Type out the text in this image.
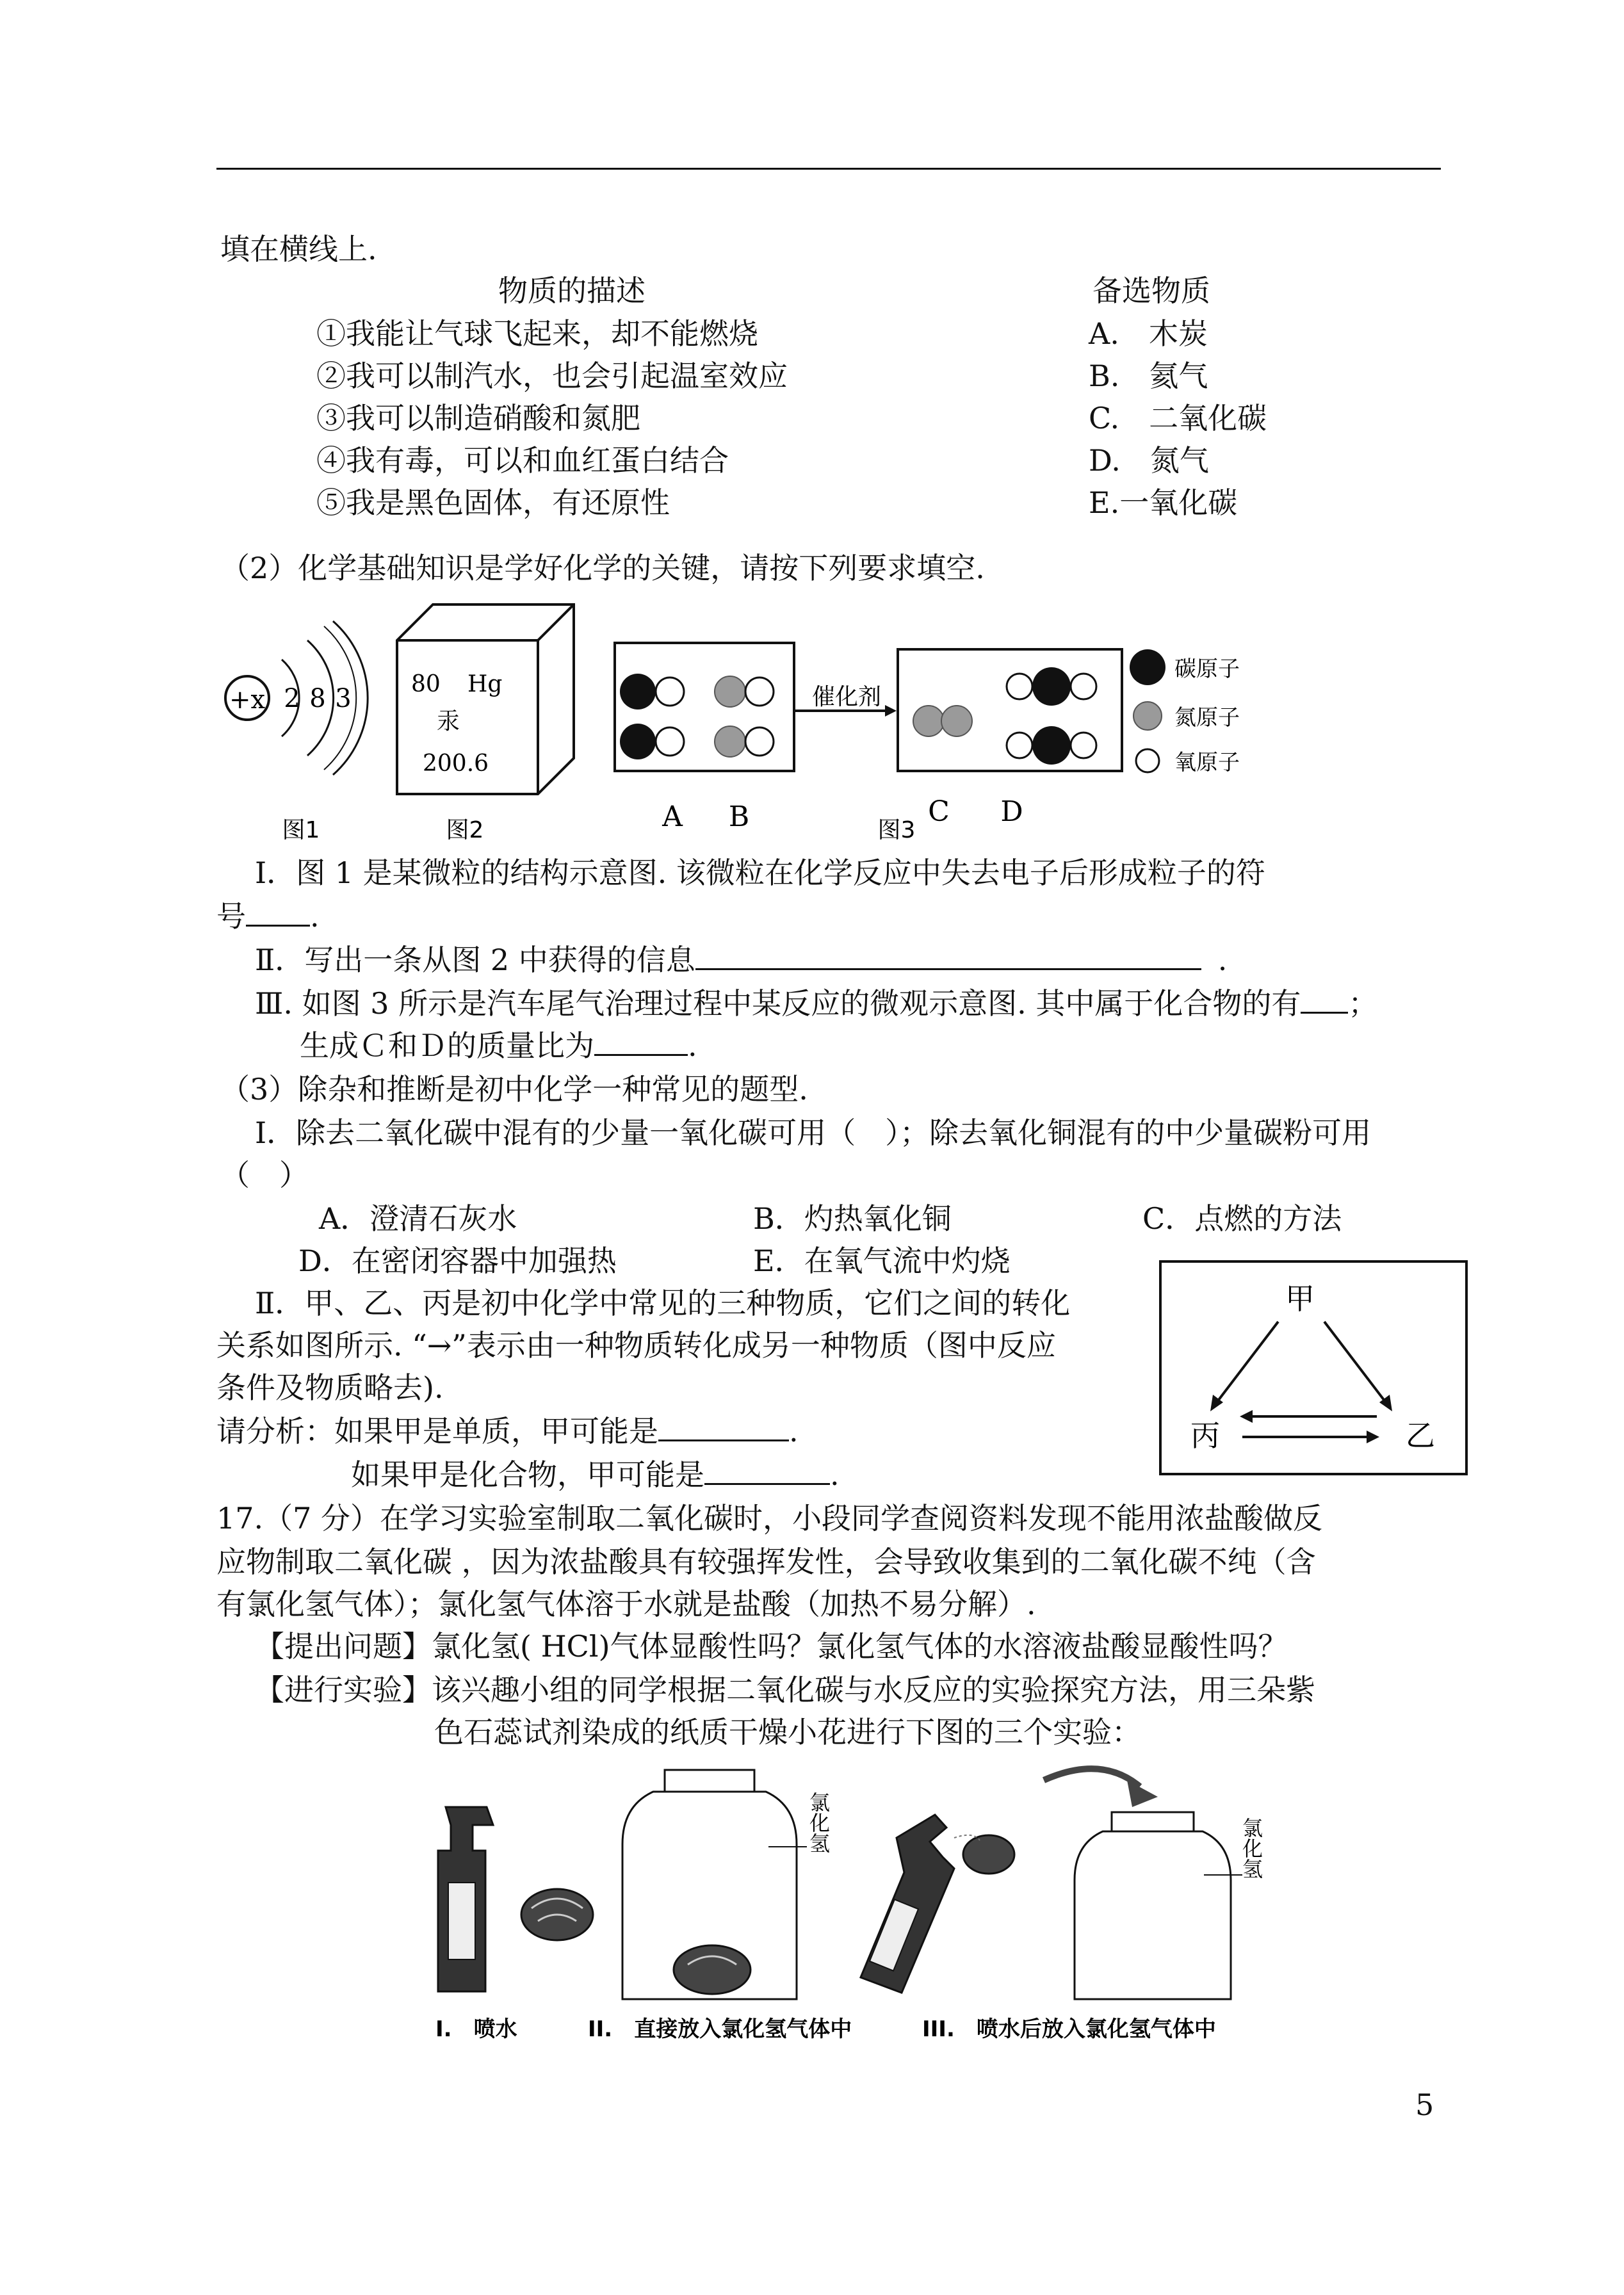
填在横线上.
物质的描述	备选物质
①我能让气球飞起来，却不能燃烧	A.　木炭
②我可以制汽水，也会引起温室效应	B.　氦气
③我可以制造硝酸和氮肥	C.　二氧化碳
④我有毒，可以和血红蛋白结合	D.　氮气
⑤我是黑色固体，有还原性	E.一氧化碳
（2）化学基础知识是学好化学的关键，请按下列要求填空.
+x 2 8 3
图1
80 Hg
汞
200.6
图2	A B
催化剂
C D
图3
碳原子
氮原子
氧原子
Ⅰ．图 1 是某微粒的结构示意图. 该微粒在化学反应中失去电子后形成粒子的符
号 .
Ⅱ．写出一条从图 2 中获得的信息	.
Ⅲ. 如图 3 所示是汽车尾气治理过程中某反应的微观示意图. 其中属于化合物的有 ；
生成Ｃ和Ｄ的质量比为	.
（3）除杂和推断是初中化学一种常见的题型.
Ⅰ．除去二氧化碳中混有的少量一氧化碳可用（　）；除去氧化铜混有的中少量碳粉可用
（　）
A．澄清石灰水	B．灼热氧化铜	C．点燃的方法
D．在密闭容器中加强热	E．在氧气流中灼烧
Ⅱ．甲、乙、丙是初中化学中常见的三种物质，它们之间的转化
关系如图所示. “→”表示由一种物质转化成另一种物质（图中反应
条件及物质略去).
请分析：如果甲是单质，甲可能是	.
如果甲是化合物，甲可能是	.
甲
丙	乙
17.（7 分）在学习实验室制取二氧化碳时，小段同学查阅资料发现不能用浓盐酸做反
应物制取二氧化碳 ，因为浓盐酸具有较强挥发性，会导致收集到的二氧化碳不纯（含
有氯化氢气体）；氯化氢气体溶于水就是盐酸（加热不易分解）.
【提出问题】氯化氢( HCl)气体显酸性吗？氯化氢气体的水溶液盐酸显酸性吗？
【进行实验】该兴趣小组的同学根据二氧化碳与水反应的实验探究方法，用三朵紫
色石蕊试剂染成的纸质干燥小花进行下图的三个实验：
I.　喷水
氯化氢
II.　直接放入氯化氢气体中
氯化氢
III.　喷水后放入氯化氢气体中
5
